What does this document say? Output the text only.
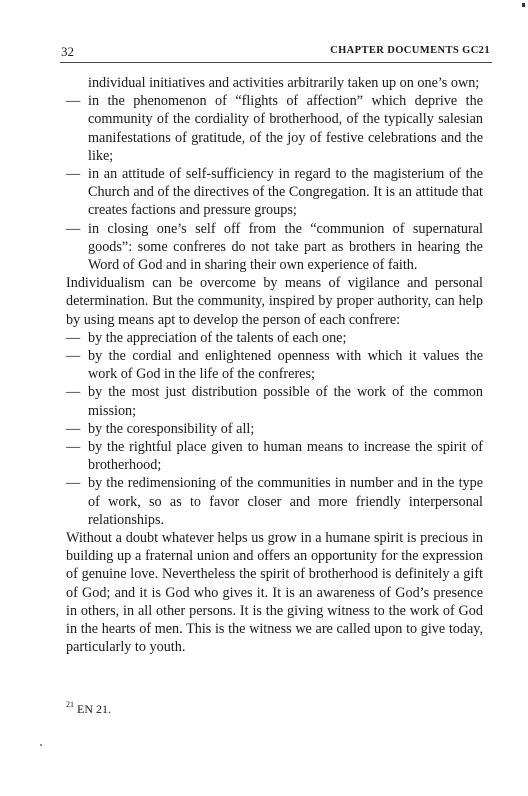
32	CHAPTER DOCUMENTS GC21

individual initiatives and activities arbitrarily taken up on one’s own;

— in the phenomenon of “flights of affection” which deprive the community of the cordiality of brotherhood, of the typically salesian manifestations of gratitude, of the joy of festive celebrations and the like;

— in an attitude of self-sufficiency in regard to the magisterium of the Church and of the directives of the Congregation. It is an attitude that creates factions and pressure groups;

— in closing one’s self off from the “communion of supernatural goods”: some confreres do not take part as brothers in hearing the Word of God and in sharing their own experience of faith.

Individualism can be overcome by means of vigilance and personal determination. But the community, inspired by proper authority, can help by using means apt to develop the person of each confrere:

— by the appreciation of the talents of each one;

— by the cordial and enlightened openness with which it values the work of God in the life of the confreres;

— by the most just distribution possible of the work of the common mission;

— by the coresponsibility of all;

— by the rightful place given to human means to increase the spirit of brotherhood;

— by the redimensioning of the communities in number and in the type of work, so as to favor closer and more friendly interpersonal relationships.

Without a doubt whatever helps us grow in a humane spirit is precious in building up a fraternal union and offers an opportunity for the expression of genuine love. Nevertheless the spirit of brotherhood is definitely a gift of God; and it is God who gives it. It is an awareness of God’s presence in others, in all other persons. It is the giving witness to the work of God in the hearts of men. This is the witness we are called upon to give today, particularly to youth.

$^{21}$ EN 21.
